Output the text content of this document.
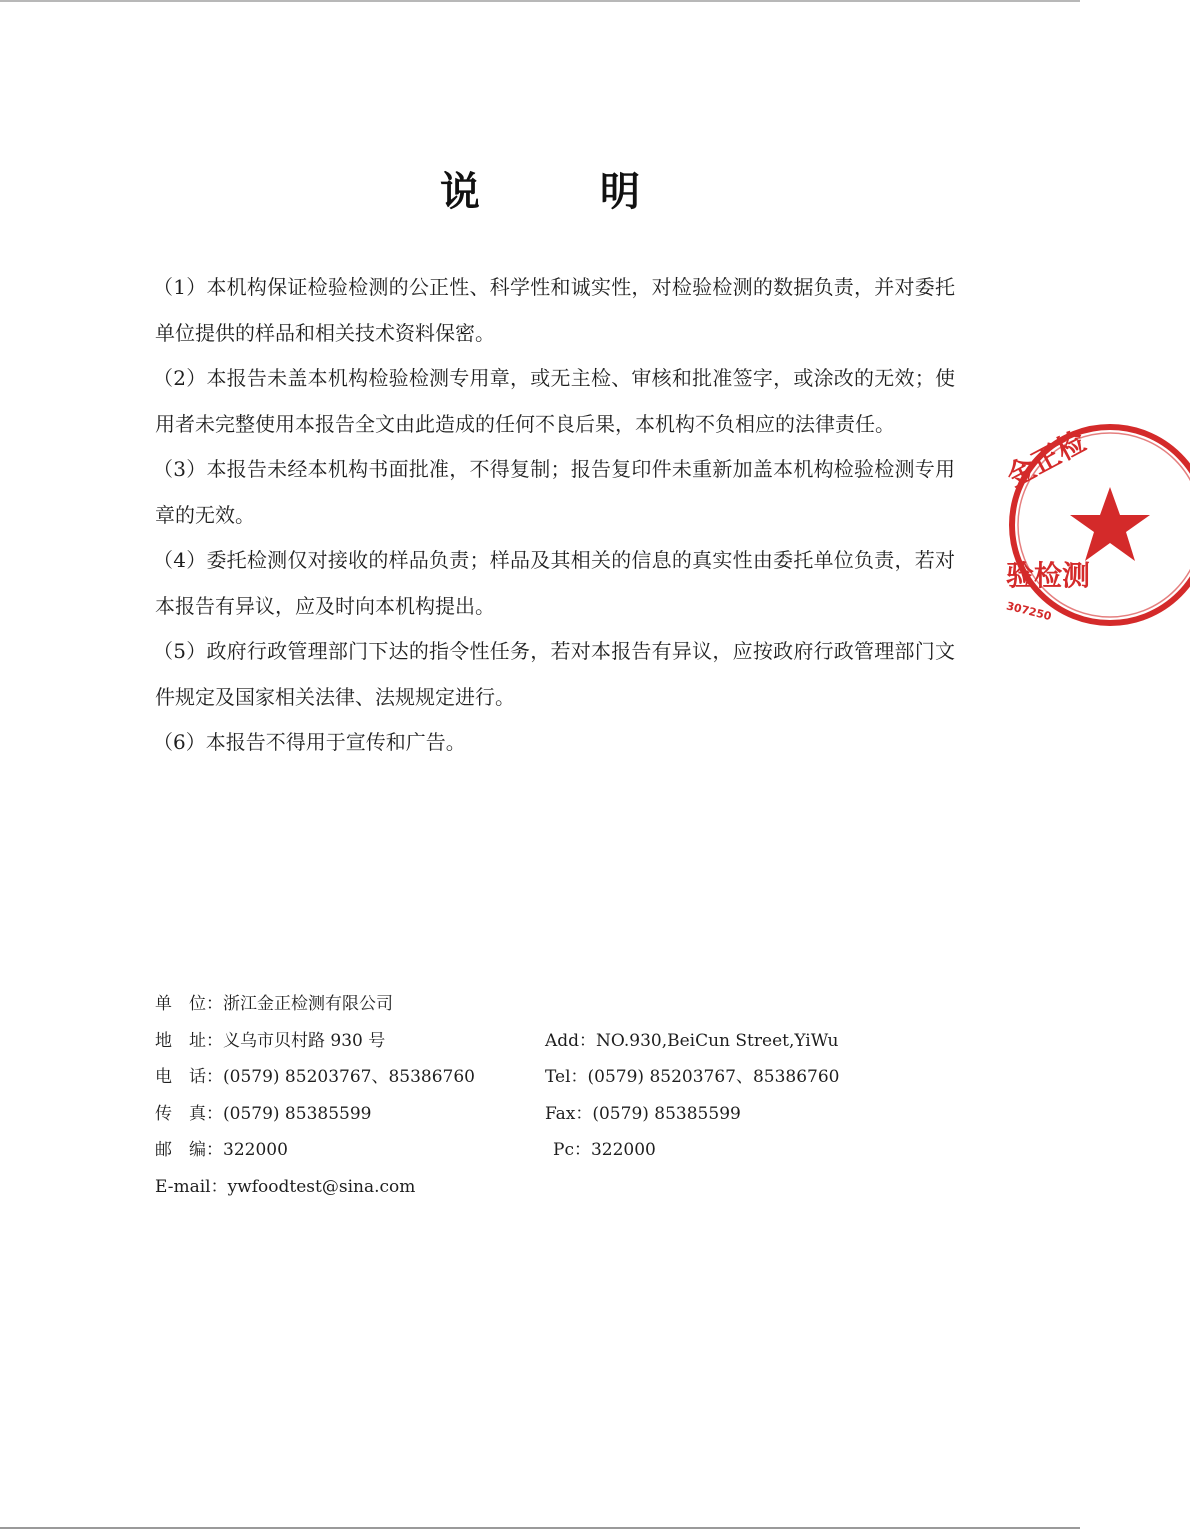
说　明
（1）本机构保证检验检测的公正性、科学性和诚实性，对检验检测的数据负责，并对委托单位提供的样品和相关技术资料保密。
（2）本报告未盖本机构检验检测专用章，或无主检、审核和批准签字，或涂改的无效；使用者未完整使用本报告全文由此造成的任何不良后果，本机构不负相应的法律责任。
（3）本报告未经本机构书面批准，不得复制；报告复印件未重新加盖本机构检验检测专用章的无效。
（4）委托检测仅对接收的样品负责；样品及其相关的信息的真实性由委托单位负责，若对本报告有异议，应及时向本机构提出。
（5）政府行政管理部门下达的指令性任务，若对本报告有异议，应按政府行政管理部门文件规定及国家相关法律、法规规定进行。
（6）本报告不得用于宣传和广告。
单　位：浙江金正检测有限公司
地　址：义乌市贝村路 930 号	Add：NO.930,BeiCun Street,YiWu
电　话：(0579) 85203767、85386760	Tel：(0579) 85203767、85386760
传　真：(0579) 85385599	Fax：(0579) 85385599
邮　编：322000	Pc：322000
E-mail：ywfoodtest@sina.com
金正检
验检测
307250
